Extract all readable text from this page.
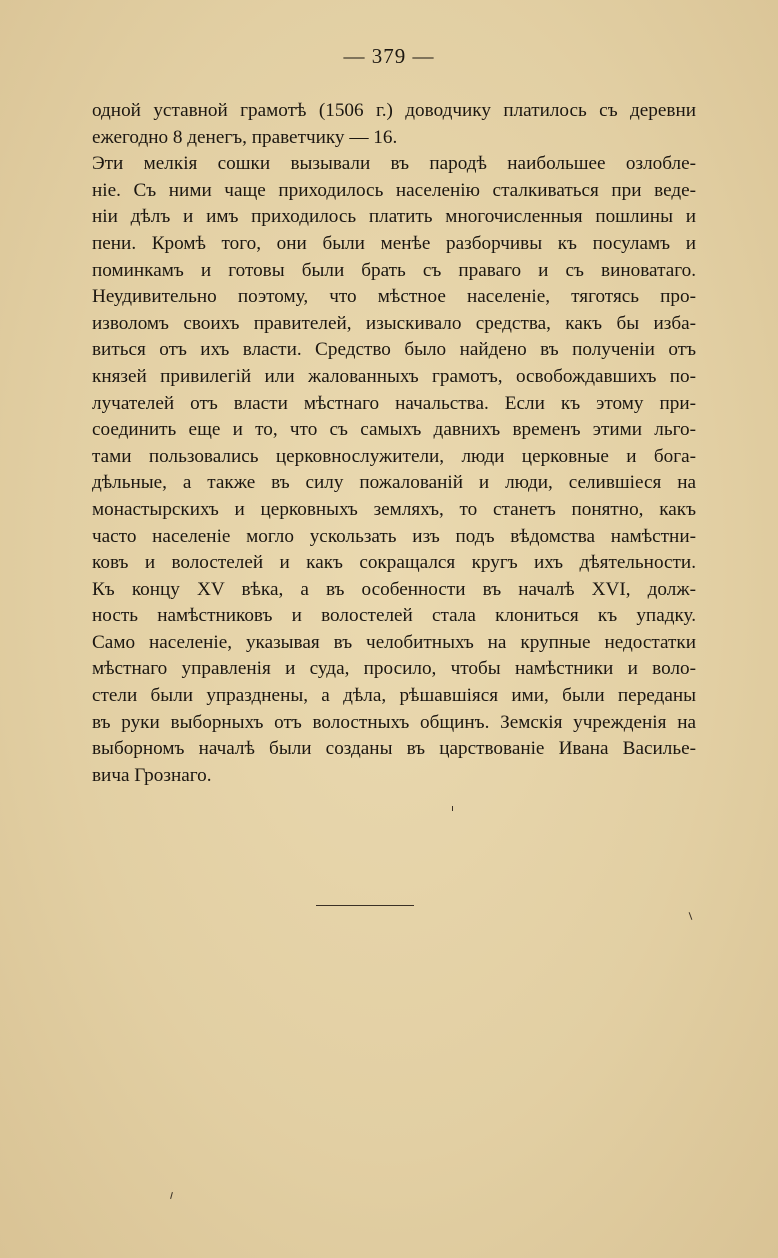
— 379 —
одной уставной грамотѣ (1506 г.) доводчику платилось съ деревни
ежегодно 8 денегъ, праветчику — 16.
Эти мелкія сошки вызывали въ пародѣ наибольшее озлобле-
ніе. Съ ними чаще приходилось населенію сталкиваться при веде-
ніи дѣлъ и имъ приходилось платить многочисленныя пошлины и
пени. Кромѣ того, они были менѣе разборчивы къ посуламъ и
поминкамъ и готовы были брать съ праваго и съ виноватаго.
Неудивительно поэтому, что мѣстное населеніе, тяготясь про-
изволомъ своихъ правителей, изыскивало средства, какъ бы изба-
виться отъ ихъ власти. Средство было найдено въ полученіи отъ
князей привилегій или жалованныхъ грамотъ, освобождавшихъ по-
лучателей отъ власти мѣстнаго начальства. Если къ этому при-
соединить еще и то, что съ самыхъ давнихъ временъ этими льго-
тами пользовались церковнослужители, люди церковные и бога-
дѣльные, а также въ силу пожалованій и люди, селившіеся на
монастырскихъ и церковныхъ земляхъ, то станетъ понятно, какъ
часто населеніе могло ускользать изъ подъ вѣдомства намѣстни-
ковъ и волостелей и какъ сокращался кругъ ихъ дѣятельности.
Къ концу XV вѣка, а въ особенности въ началѣ XVI, долж-
ность намѣстниковъ и волостелей стала клониться къ упадку.
Само населеніе, указывая въ челобитныхъ на крупные недостатки
мѣстнаго управленія и суда, просило, чтобы намѣстники и воло-
стели были упразднены, а дѣла, рѣшавшіяся ими, были переданы
въ руки выборныхъ отъ волостныхъ общинъ. Земскія учрежденія на
выборномъ началѣ были созданы въ царствованіе Ивана Василье-
вича Грознаго.
